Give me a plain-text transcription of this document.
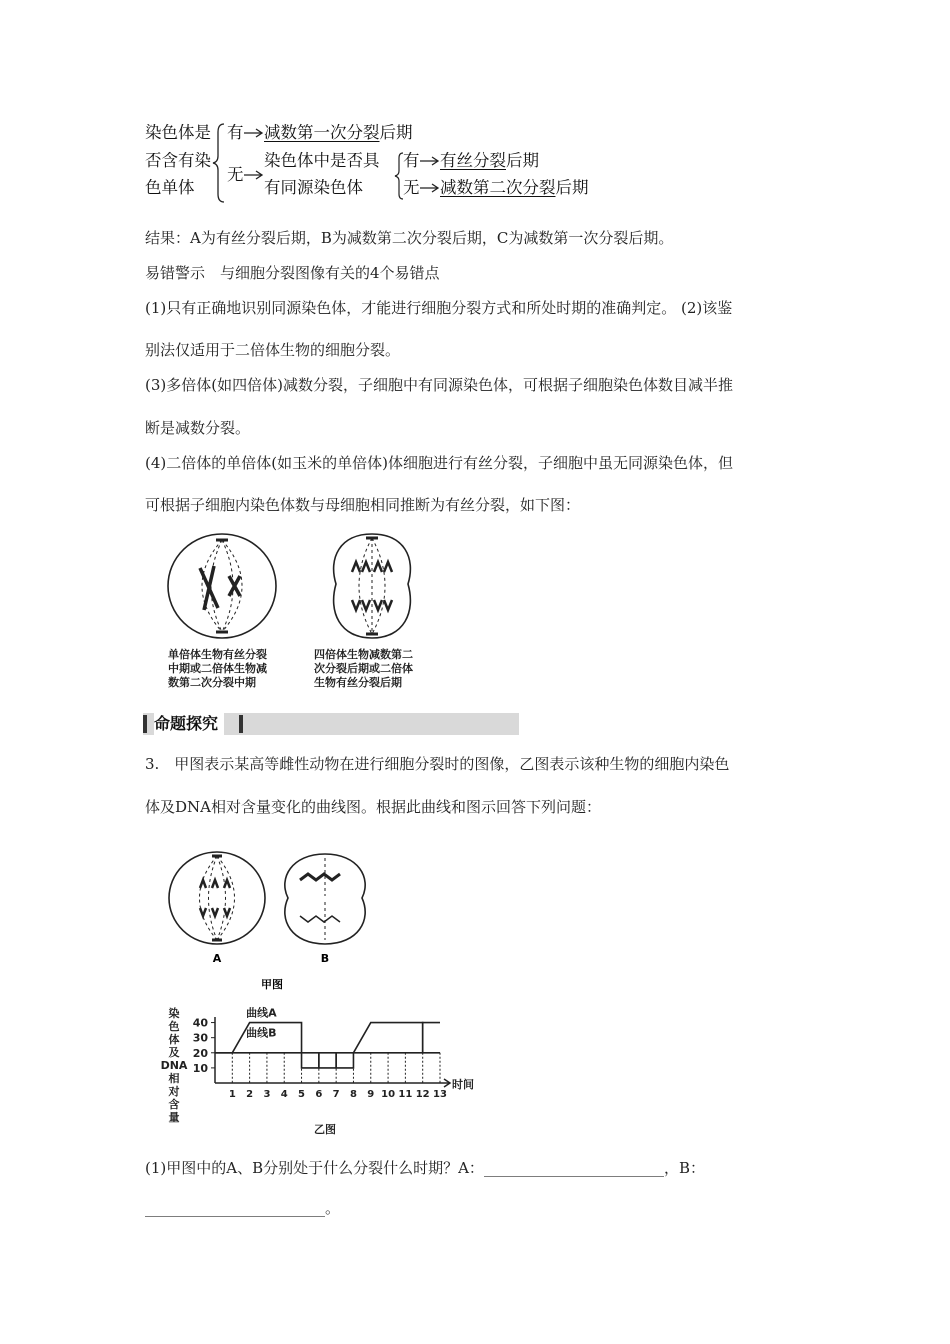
染色体是
否含有染
色单体
有 减数第一次分裂后期
无
染色体中是否具
有同源染色体
有 有丝分裂后期
无 减数第二次分裂后期
结果：A为有丝分裂后期，B为减数第二次分裂后期，C为减数第一次分裂后期。
易错警示　与细胞分裂图像有关的4个易错点
(1)只有正确地识别同源染色体，才能进行细胞分裂方式和所处时期的准确判定。 (2)该鉴
别法仅适用于二倍体生物的细胞分裂。
(3)多倍体(如四倍体)减数分裂，子细胞中有同源染色体，可根据子细胞染色体数目减半推
断是减数分裂。
(4)二倍体的单倍体(如玉米的单倍体)体细胞进行有丝分裂，子细胞中虽无同源染色体，但
可根据子细胞内染色体数与母细胞相同推断为有丝分裂，如下图：
单倍体生物有丝分裂
中期或二倍体生物减
数第二次分裂中期
四倍体生物减数第二
次分裂后期或二倍体
生物有丝分裂后期
命题探究
3.　甲图表示某高等雌性动物在进行细胞分裂时的图像，乙图表示该种生物的细胞内染色
体及DNA相对含量变化的曲线图。根据此曲线和图示回答下列问题：
A	B
甲图
染
色
体
及
DNA
相
对
含
量
10
20
30
40
1 2 3 4 5 6 7 8 9 10 11 12 13
时间
曲线A
曲线B
乙图
(1)甲图中的A、B分别处于什么分裂什么时期？A：________________________，B：
________________________。
